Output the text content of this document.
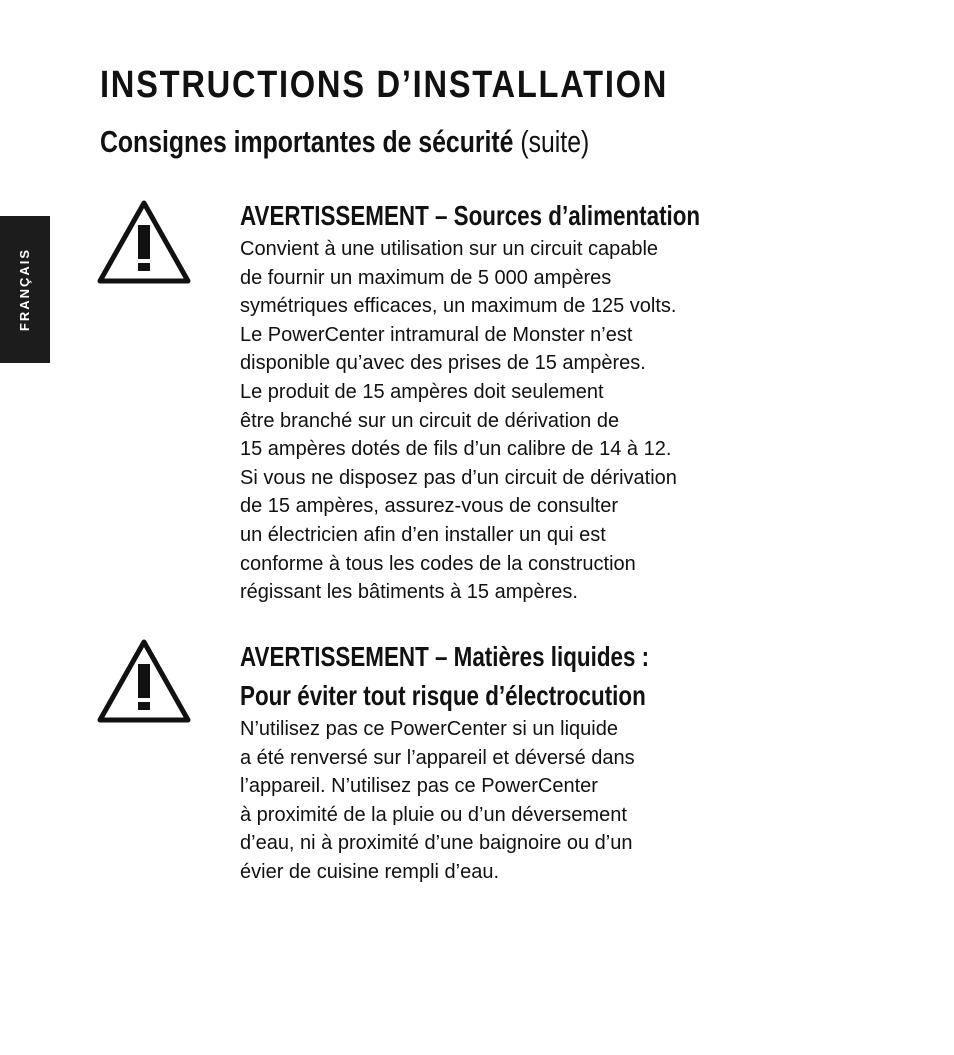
FRANÇAIS
INSTRUCTIONS D’INSTALLATION
Consignes importantes de sécurité (suite)
AVERTISSEMENT – Sources d’alimentation

Convient à une utilisation sur un circuit capable
de fournir un maximum de 5 000 ampères
symétriques efficaces, un maximum de 125 volts.
Le PowerCenter intramural de Monster n’est
disponible qu’avec des prises de 15 ampères.
Le produit de 15 ampères doit seulement
être branché sur un circuit de dérivation de
15 ampères dotés de fils d’un calibre de 14 à 12.
Si vous ne disposez pas d’un circuit de dérivation
de 15 ampères, assurez-vous de consulter
un électricien afin d’en installer un qui est
conforme à tous les codes de la construction
régissant les bâtiments à 15 ampères.

AVERTISSEMENT – Matières liquides :
Pour éviter tout risque d’électrocution

N’utilisez pas ce PowerCenter si un liquide
a été renversé sur l’appareil et déversé dans
l’appareil. N’utilisez pas ce PowerCenter
à proximité de la pluie ou d’un déversement
d’eau, ni à proximité d’une baignoire ou d’un
évier de cuisine rempli d’eau.
